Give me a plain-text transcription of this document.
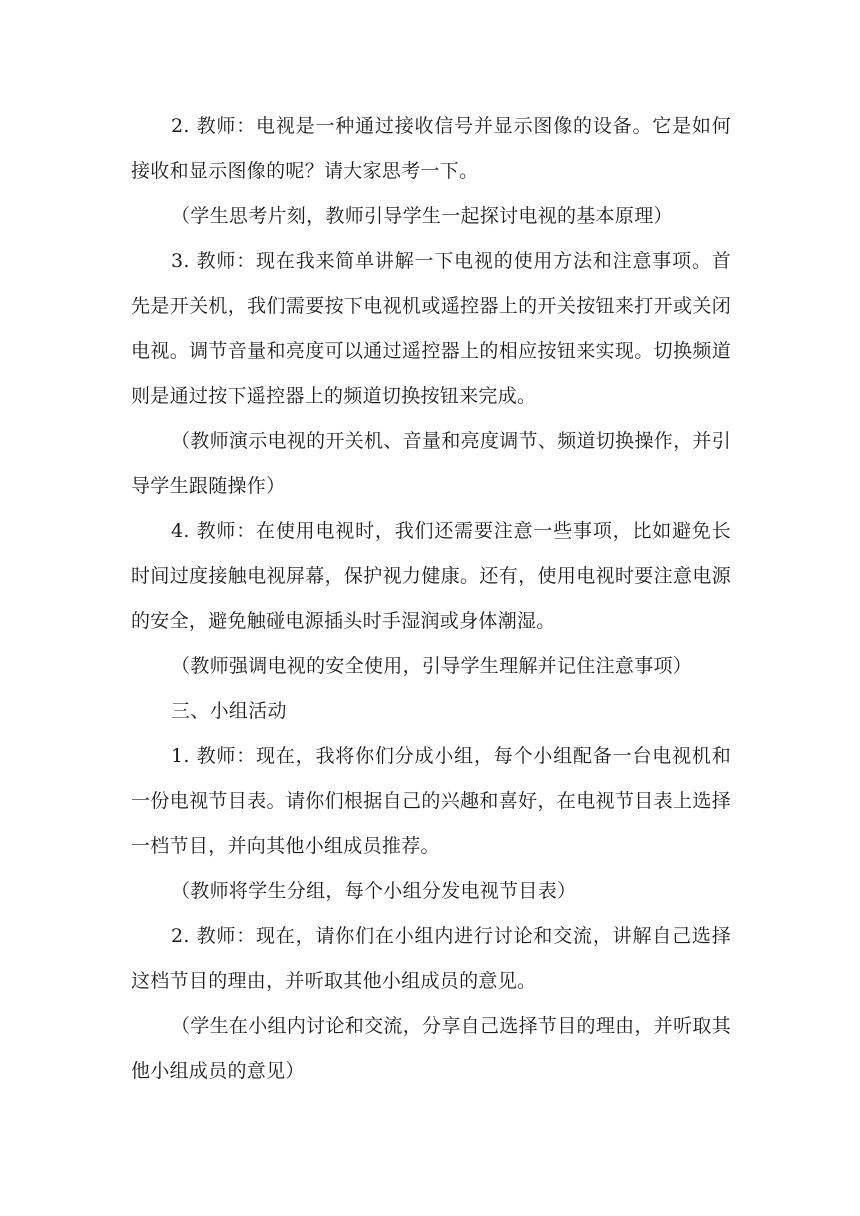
2. 教师：电视是一种通过接收信号并显示图像的设备。它是如何接收和显示图像的呢？请大家思考一下。

（学生思考片刻，教师引导学生一起探讨电视的基本原理）

3. 教师：现在我来简单讲解一下电视的使用方法和注意事项。首先是开关机，我们需要按下电视机或遥控器上的开关按钮来打开或关闭电视。调节音量和亮度可以通过遥控器上的相应按钮来实现。切换频道则是通过按下遥控器上的频道切换按钮来完成。

（教师演示电视的开关机、音量和亮度调节、频道切换操作，并引导学生跟随操作）

4. 教师：在使用电视时，我们还需要注意一些事项，比如避免长时间过度接触电视屏幕，保护视力健康。还有，使用电视时要注意电源的安全，避免触碰电源插头时手湿润或身体潮湿。

（教师强调电视的安全使用，引导学生理解并记住注意事项）

三、小组活动

1. 教师：现在，我将你们分成小组，每个小组配备一台电视机和一份电视节目表。请你们根据自己的兴趣和喜好，在电视节目表上选择一档节目，并向其他小组成员推荐。

（教师将学生分组，每个小组分发电视节目表）

2. 教师：现在，请你们在小组内进行讨论和交流，讲解自己选择这档节目的理由，并听取其他小组成员的意见。

（学生在小组内讨论和交流，分享自己选择节目的理由，并听取其他小组成员的意见）
